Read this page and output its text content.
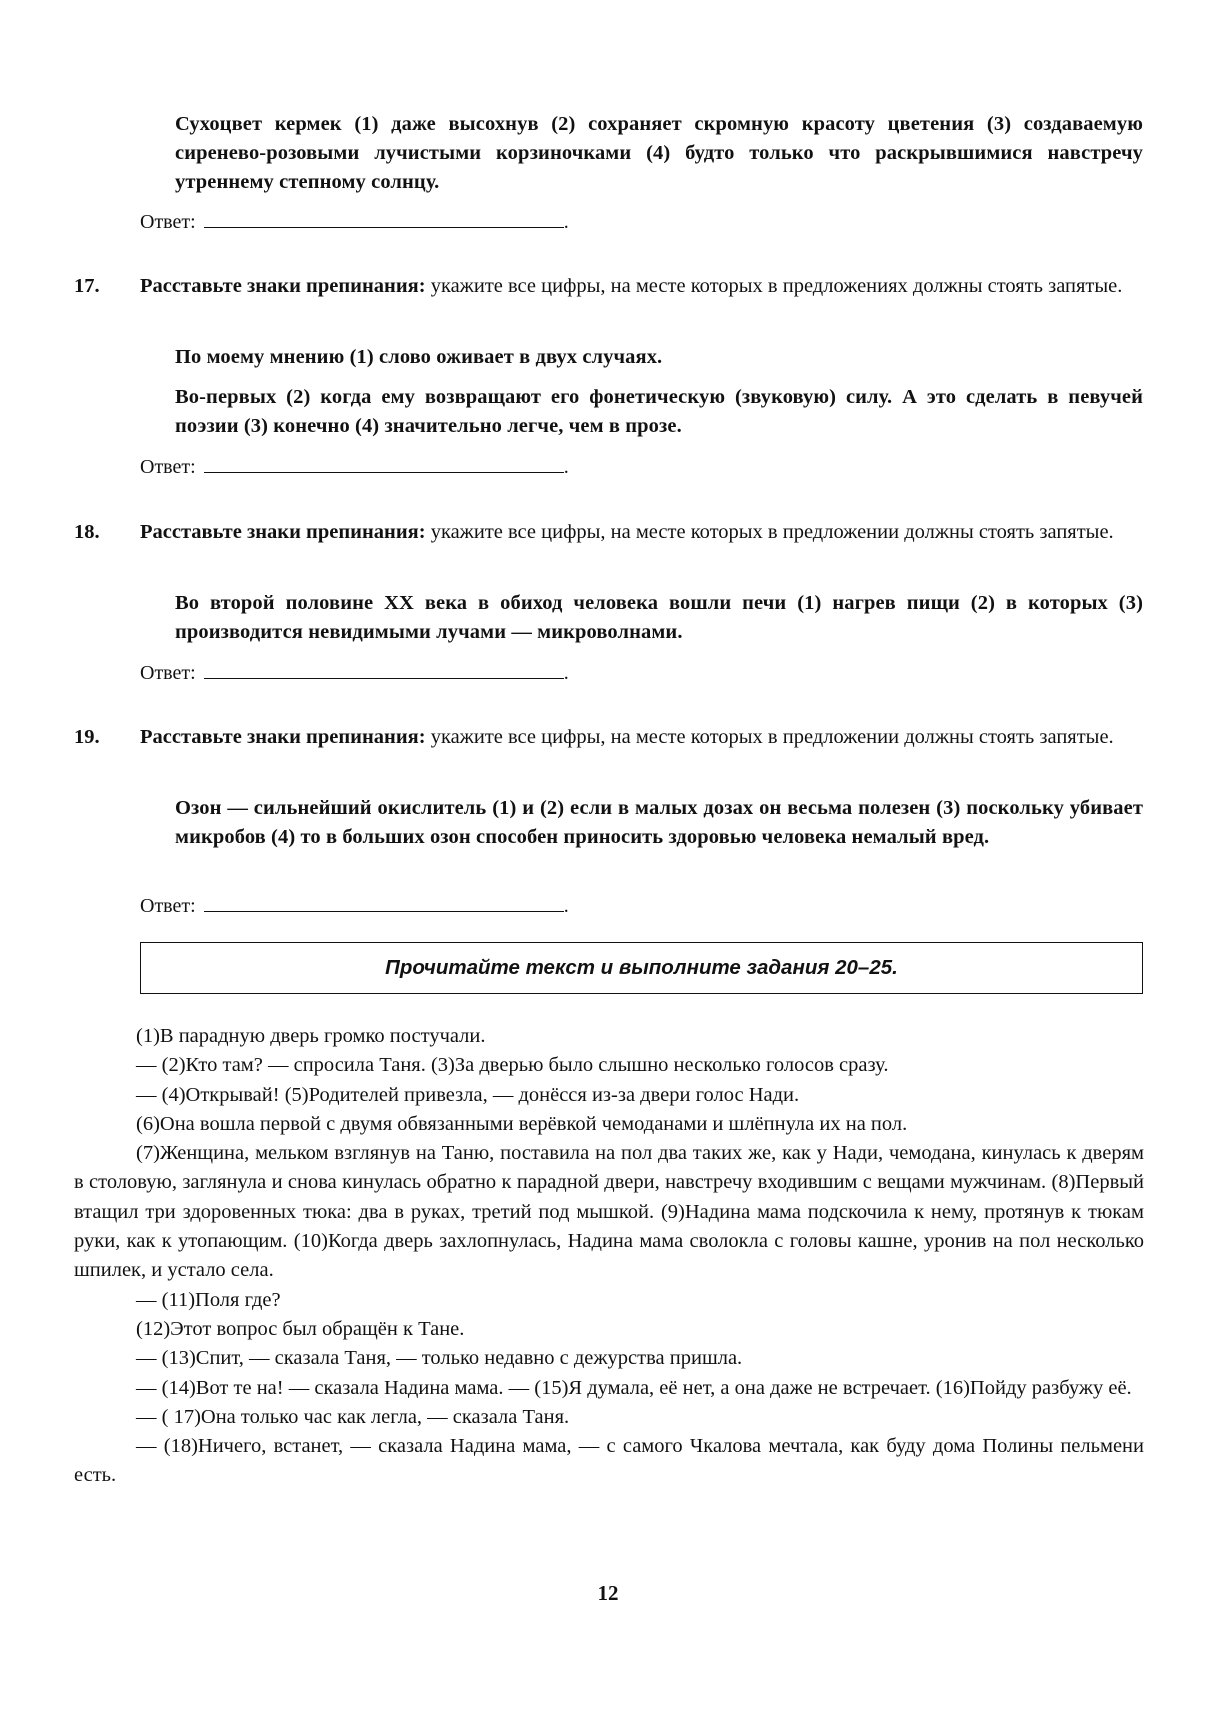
Сухоцвет кермек (1) даже высохнув (2) сохраняет скромную красоту цветения (3) создаваемую сиренево-розовыми лучистыми корзиночками (4) будто только что раскрывшимися навстречу утреннему степному солнцу.
Ответ:	.
17. Расставьте знаки препинания: укажите все цифры, на месте которых в предложениях должны стоять запятые.
По моему мнению (1) слово оживает в двух случаях.
Во-первых (2) когда ему возвращают его фонетическую (звуковую) силу. А это сделать в певучей поэзии (3) конечно (4) значительно легче, чем в прозе.
Ответ:	.
18. Расставьте знаки препинания: укажите все цифры, на месте которых в предложении должны стоять запятые.
Во второй половине XX века в обиход человека вошли печи (1) нагрев пищи (2) в которых (3) производится невидимыми лучами — микроволнами.
Ответ:	.
19. Расставьте знаки препинания: укажите все цифры, на месте которых в предложении должны стоять запятые.
Озон — сильнейший окислитель (1) и (2) если в малых дозах он весьма полезен (3) поскольку убивает микробов (4) то в больших озон способен приносить здоровью человека немалый вред.
Ответ:	.
Прочитайте текст и выполните задания 20–25.

(1)В парадную дверь громко постучали.

— (2)Кто там? — спросила Таня. (3)За дверью было слышно несколько голосов сразу.

— (4)Открывай! (5)Родителей привезла, — донёсся из-за двери голос Нади.

(6)Она вошла первой с двумя обвязанными верёвкой чемоданами и шлёпнула их на пол.

(7)Женщина, мельком взглянув на Таню, поставила на пол два таких же, как у Нади, чемодана, кинулась к дверям в столовую, заглянула и снова кинулась обратно к парадной двери, навстречу входившим с вещами мужчинам. (8)Первый втащил три здоровенных тюка: два в руках, третий под мышкой. (9)Надина мама подскочила к нему, протянув к тюкам руки, как к утопающим. (10)Когда дверь захлопнулась, Надина мама сволокла с головы кашне, уронив на пол несколько шпилек, и устало села.

— (11)Поля где?

(12)Этот вопрос был обращён к Тане.

— (13)Спит, — сказала Таня, — только недавно с дежурства пришла.

— (14)Вот те на! — сказала Надина мама. — (15)Я думала, её нет, а она даже не встречает. (16)Пойду разбужу её.

— ( 17)Она только час как легла, — сказала Таня.

— (18)Ничего, встанет, — сказала Надина мама, — с самого Чкалова мечтала, как буду дома Полины пельмени есть.

12
